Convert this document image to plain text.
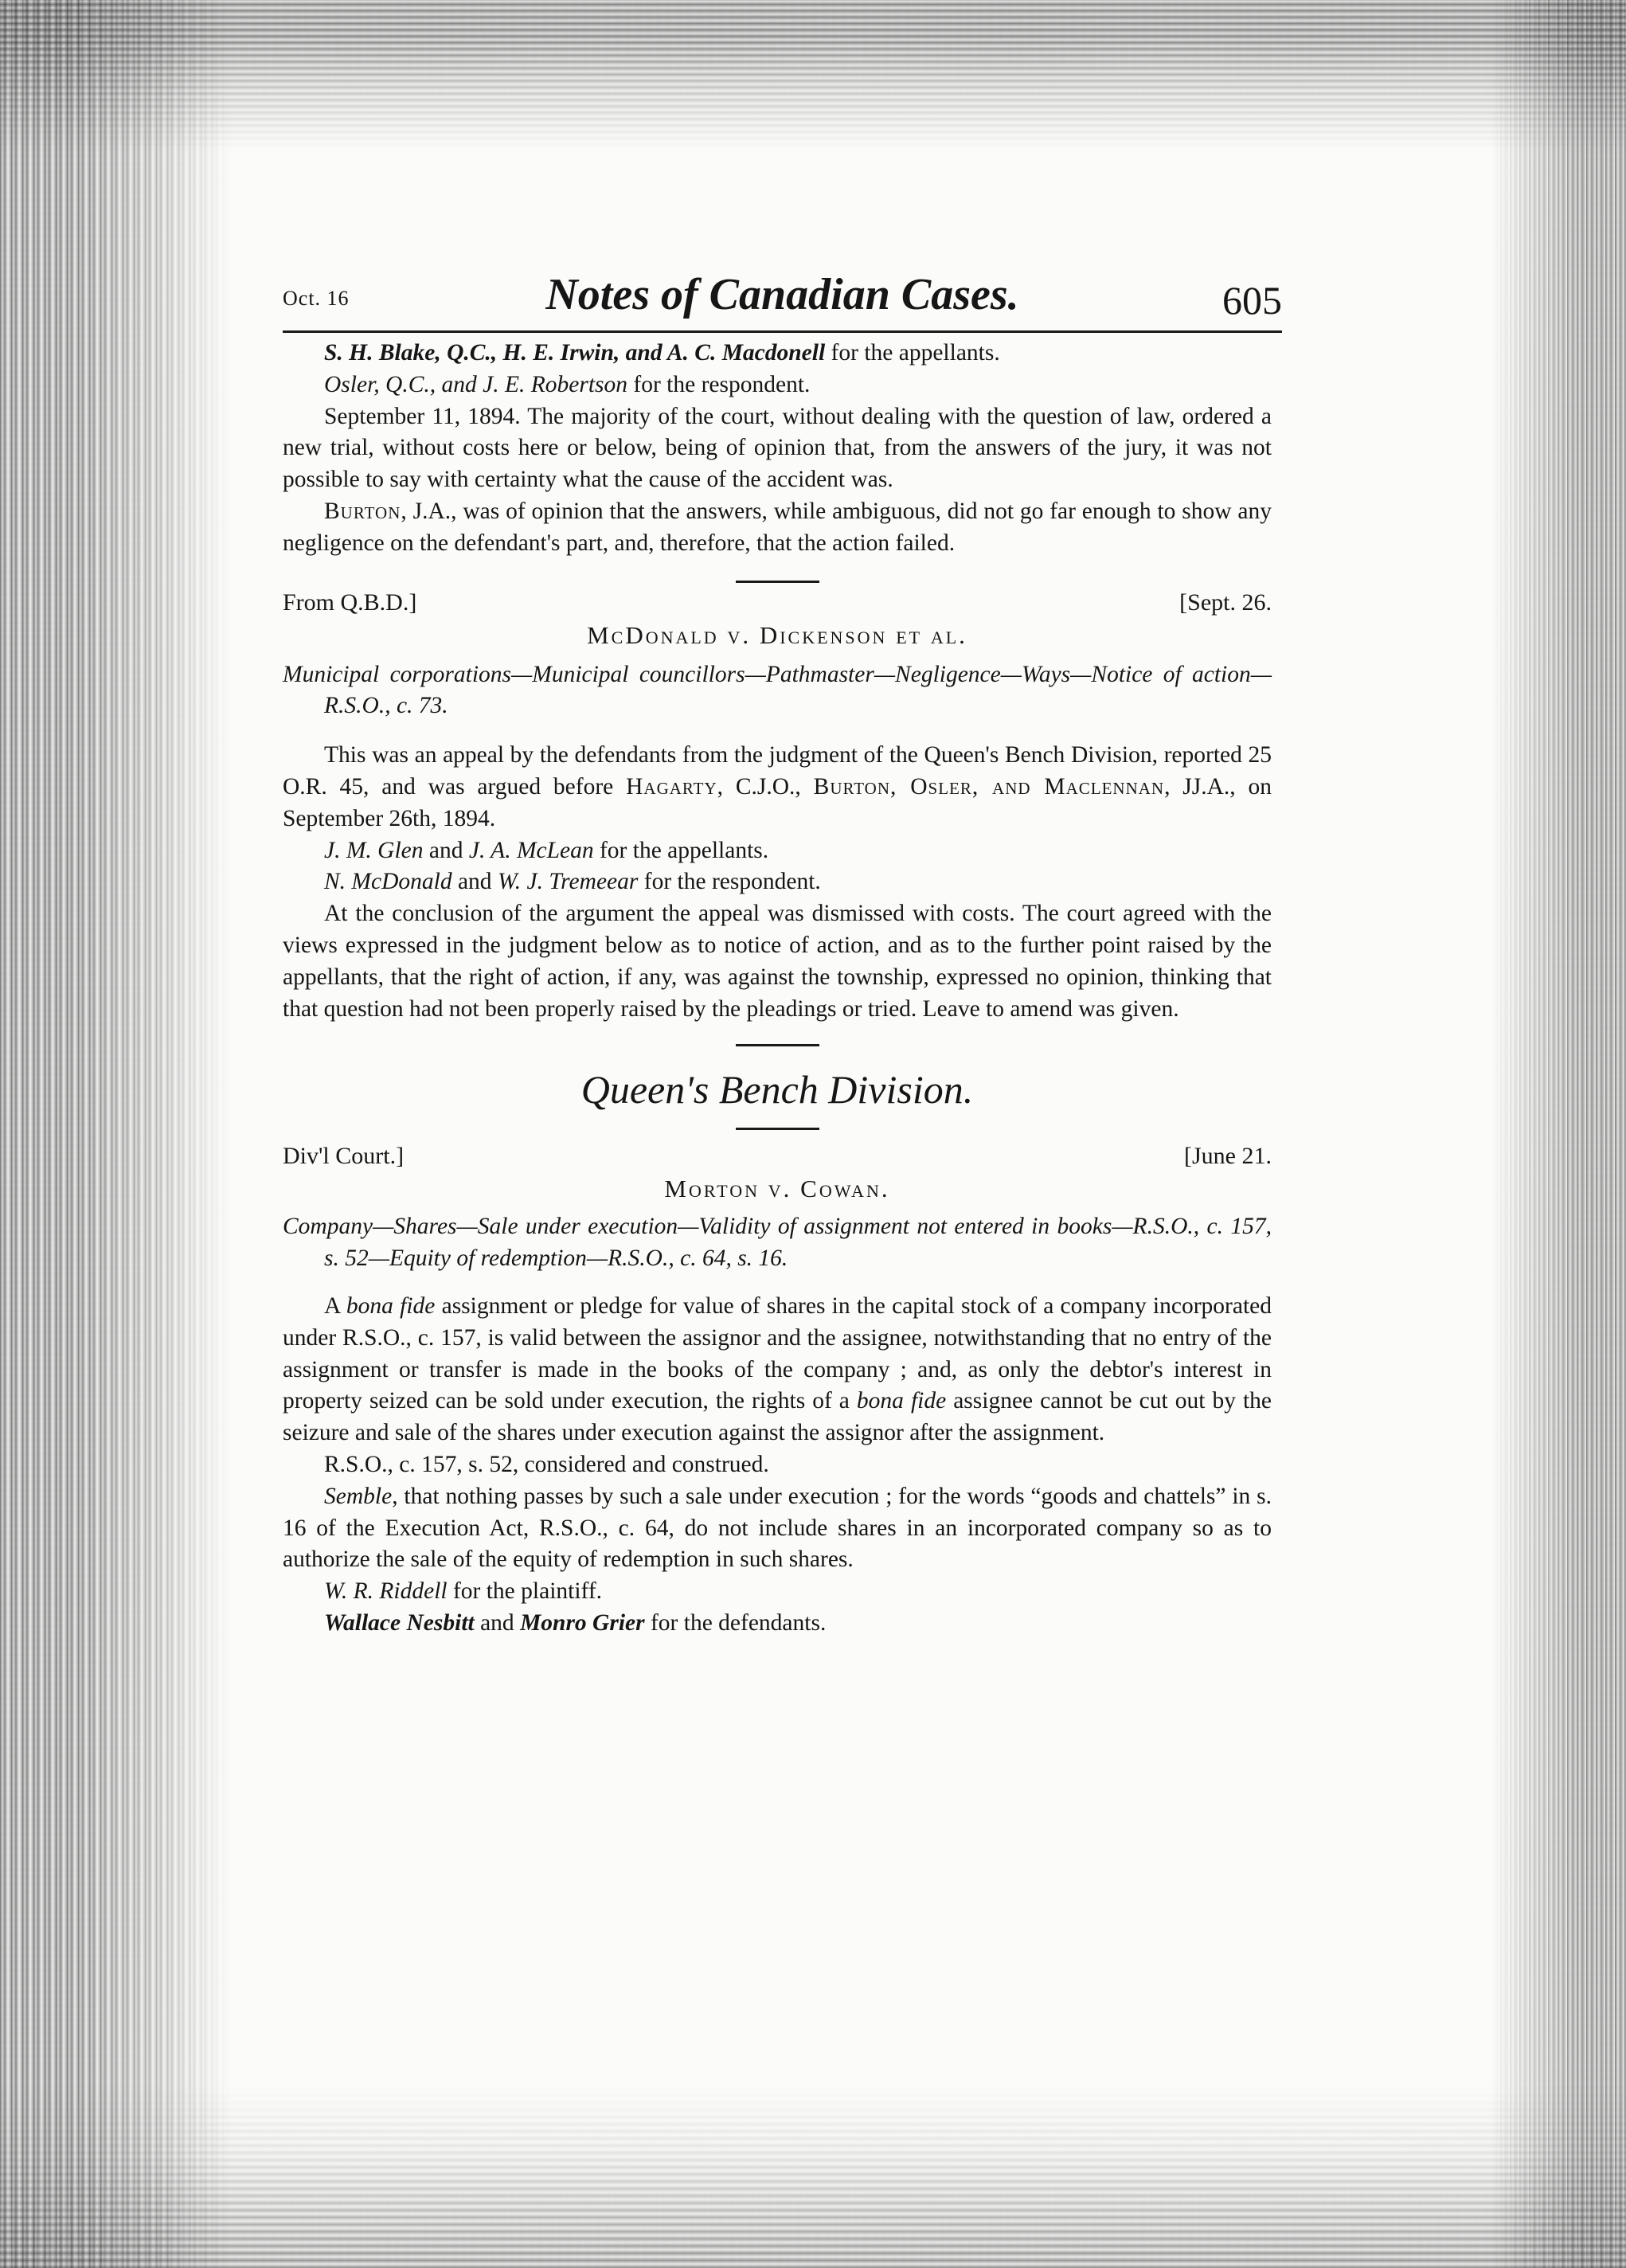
Oct. 16	Notes of Canadian Cases.	605

S. H. Blake, Q.C., H. E. Irwin, and A. C. Macdonell for the appellants.

Osler, Q.C., and J. E. Robertson for the respondent.

September 11, 1894. The majority of the court, without dealing with the question of law, ordered a new trial, without costs here or below, being of opinion that, from the answers of the jury, it was not possible to say with certainty what the cause of the accident was.

Burton, J.A., was of opinion that the answers, while ambiguous, did not go far enough to show any negligence on the defendant's part, and, therefore, that the action failed.

From Q.B.D.]	[Sept. 26.
McDonald v. Dickenson et al.

Municipal corporations—Municipal councillors—Pathmaster—Negligence—Ways—Notice of action—R.S.O., c. 73.

This was an appeal by the defendants from the judgment of the Queen's Bench Division, reported 25 O.R. 45, and was argued before Hagarty, C.J.O., Burton, Osler, and Maclennan, JJ.A., on September 26th, 1894.

J. M. Glen and J. A. McLean for the appellants.

N. McDonald and W. J. Tremeear for the respondent.

At the conclusion of the argument the appeal was dismissed with costs. The court agreed with the views expressed in the judgment below as to notice of action, and as to the further point raised by the appellants, that the right of action, if any, was against the township, expressed no opinion, thinking that that question had not been properly raised by the pleadings or tried. Leave to amend was given.

Queen's Bench Division.
Div'l Court.]	[June 21.
Morton v. Cowan.

Company—Shares—Sale under execution—Validity of assignment not entered in books—R.S.O., c. 157, s. 52—Equity of redemption—R.S.O., c. 64, s. 16.

A bona fide assignment or pledge for value of shares in the capital stock of a company incorporated under R.S.O., c. 157, is valid between the assignor and the assignee, notwithstanding that no entry of the assignment or transfer is made in the books of the company ; and, as only the debtor's interest in property seized can be sold under execution, the rights of a bona fide assignee cannot be cut out by the seizure and sale of the shares under execution against the assignor after the assignment.

R.S.O., c. 157, s. 52, considered and construed.

Semble, that nothing passes by such a sale under execution ; for the words “goods and chattels” in s. 16 of the Execution Act, R.S.O., c. 64, do not include shares in an incorporated company so as to authorize the sale of the equity of redemption in such shares.

W. R. Riddell for the plaintiff.

Wallace Nesbitt and Monro Grier for the defendants.
